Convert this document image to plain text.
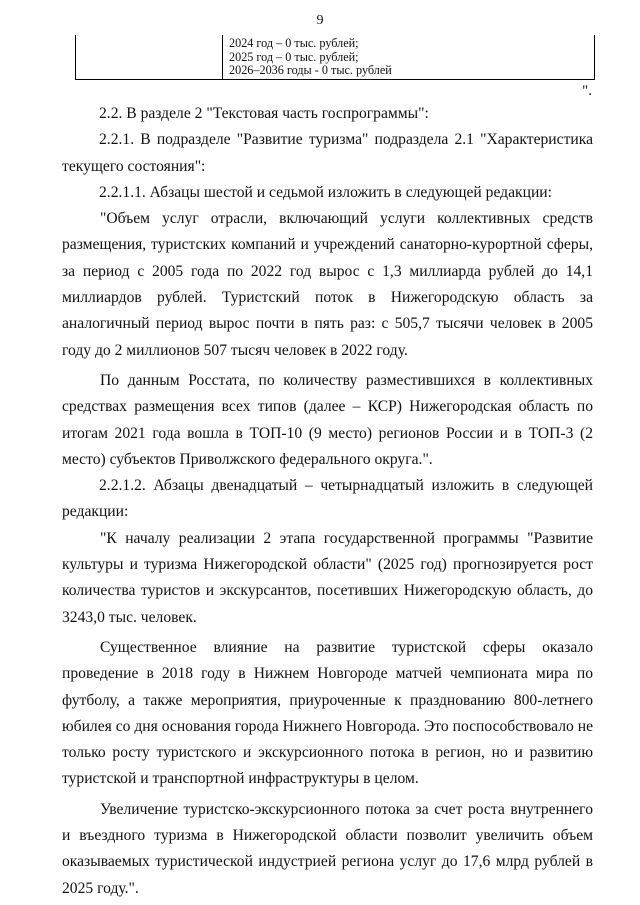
9
2024 год – 0 тыс. рублей;
2025 год – 0 тыс. рублей;
2026–2036 годы - 0 тыс. рублей
".

2.2. В разделе 2 "Текстовая часть госпрограммы":

2.2.1. В подразделе "Развитие туризма" подраздела 2.1 "Характеристика текущего состояния":

2.2.1.1. Абзацы шестой и седьмой изложить в следующей редакции:

"Объем услуг отрасли, включающий услуги коллективных средств размещения, туристских компаний и учреждений санаторно-курортной сферы, за период с 2005 года по 2022 год вырос с 1,3 миллиарда рублей до 14,1 миллиардов рублей. Туристский поток в Нижегородскую область за аналогичный период вырос почти в пять раз: с 505,7 тысячи человек в 2005 году до 2 миллионов 507 тысяч человек в 2022 году.

По данным Росстата, по количеству разместившихся в коллективных средствах размещения всех типов (далее – КСР) Нижегородская область по итогам 2021 года вошла в ТОП-10 (9 место) регионов России и в ТОП-3 (2 место) субъектов Приволжского федерального округа.".

2.2.1.2. Абзацы двенадцатый – четырнадцатый изложить в следующей редакции:

"К началу реализации 2 этапа государственной программы "Развитие культуры и туризма Нижегородской области" (2025 год) прогнозируется рост количества туристов и экскурсантов, посетивших Нижегородскую область, до 3243,0 тыс. человек.

Существенное влияние на развитие туристской сферы оказало проведение в 2018 году в Нижнем Новгороде матчей чемпионата мира по футболу, а также мероприятия, приуроченные к празднованию 800-летнего юбилея со дня основания города Нижнего Новгорода. Это поспособствовало не только росту туристского и экскурсионного потока в регион, но и развитию туристской и транспортной инфраструктуры в целом.

Увеличение туристско-экскурсионного потока за счет роста внутреннего и въездного туризма в Нижегородской области позволит увеличить объем оказываемых туристической индустрией региона услуг до 17,6 млрд рублей в 2025 году.".
